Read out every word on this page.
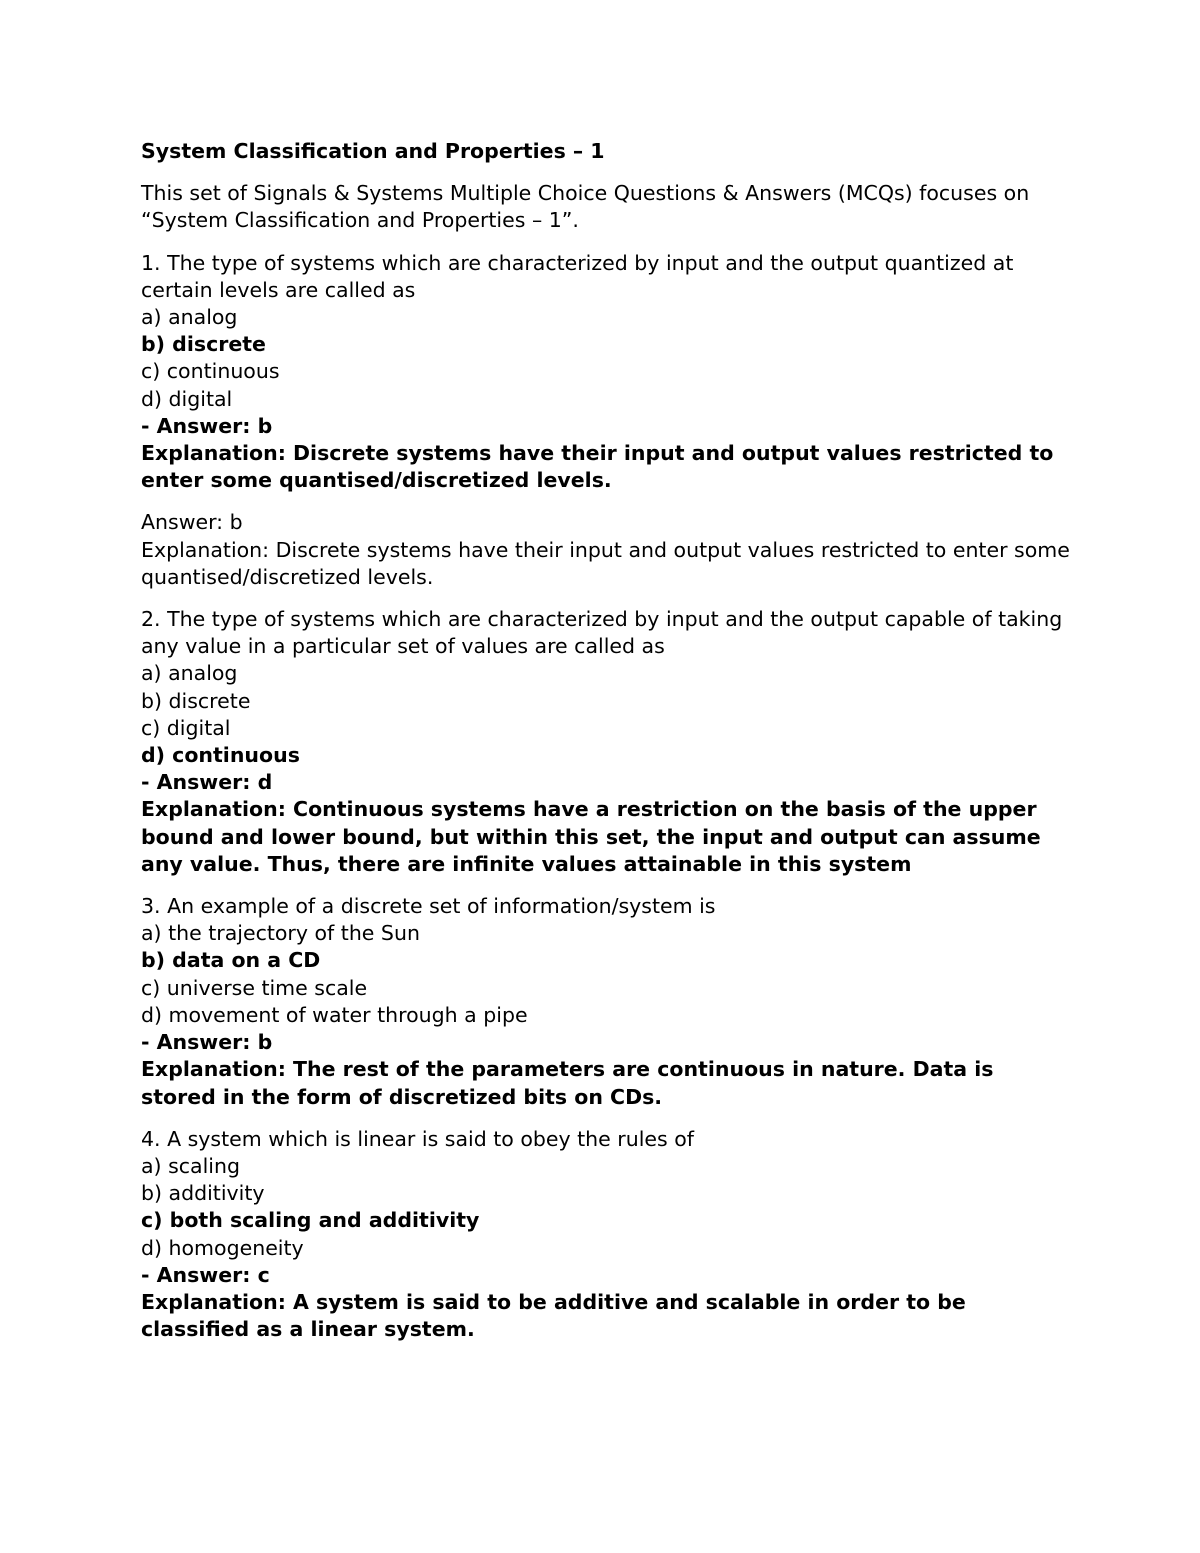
System Classification and Properties – 1
This set of Signals & Systems Multiple Choice Questions & Answers (MCQs) focuses on “System Classification and Properties – 1”.
1. The type of systems which are characterized by input and the output quantized at certain levels are called as
a) analog
b) discrete
c) continuous
d) digital
- Answer: b
Explanation: Discrete systems have their input and output values restricted to enter some quantised/discretized levels.
Answer: b
Explanation: Discrete systems have their input and output values restricted to enter some quantised/discretized levels.
2. The type of systems which are characterized by input and the output capable of taking any value in a particular set of values are called as
a) analog
b) discrete
c) digital
d) continuous
- Answer: d
Explanation: Continuous systems have a restriction on the basis of the upper bound and lower bound, but within this set, the input and output can assume any value. Thus, there are infinite values attainable in this system
3. An example of a discrete set of information/system is
a) the trajectory of the Sun
b) data on a CD
c) universe time scale
d) movement of water through a pipe
- Answer: b
Explanation: The rest of the parameters are continuous in nature. Data is stored in the form of discretized bits on CDs.
4. A system which is linear is said to obey the rules of
a) scaling
b) additivity
c) both scaling and additivity
d) homogeneity
- Answer: c
Explanation: A system is said to be additive and scalable in order to be classified as a linear system.
